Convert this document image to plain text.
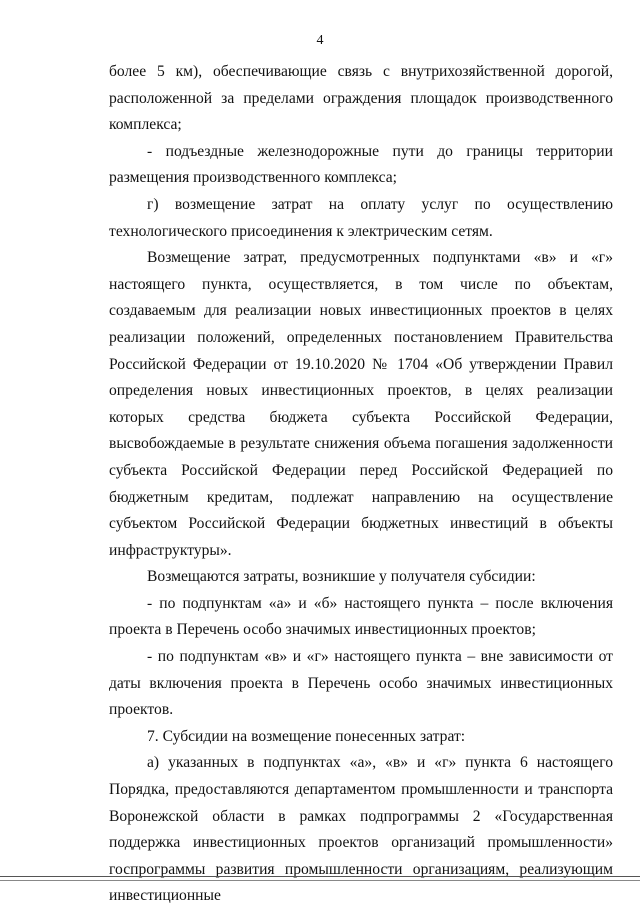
4

более 5 км), обеспечивающие связь с внутрихозяйственной дорогой, расположенной за пределами ограждения площадок производственного комплекса;

- подъездные железнодорожные пути до границы территории размещения производственного комплекса;

г) возмещение затрат на оплату услуг по осуществлению технологического присоединения к электрическим сетям.

Возмещение затрат, предусмотренных подпунктами «в» и «г» настоящего пункта, осуществляется, в том числе по объектам, создаваемым для реализации новых инвестиционных проектов в целях реализации положений, определенных постановлением Правительства Российской Федерации от 19.10.2020 № 1704 «Об утверждении Правил определения новых инвестиционных проектов, в целях реализации которых средства бюджета субъекта Российской Федерации, высвобождаемые в результате снижения объема погашения задолженности субъекта Российской Федерации перед Российской Федерацией по бюджетным кредитам, подлежат направлению на осуществление субъектом Российской Федерации бюджетных инвестиций в объекты инфраструктуры».

Возмещаются затраты, возникшие у получателя субсидии:

- по подпунктам «а» и «б» настоящего пункта – после включения проекта в Перечень особо значимых инвестиционных проектов;

- по подпунктам «в» и «г» настоящего пункта – вне зависимости от даты включения проекта в Перечень особо значимых инвестиционных проектов.

7. Субсидии на возмещение понесенных затрат:

а) указанных в подпунктах «а», «в» и «г» пункта 6 настоящего Порядка, предоставляются департаментом промышленности и транспорта Воронежской области в рамках подпрограммы 2 «Государственная поддержка инвестиционных проектов организаций промышленности» госпрограммы развития промышленности организациям, реализующим инвестиционные
